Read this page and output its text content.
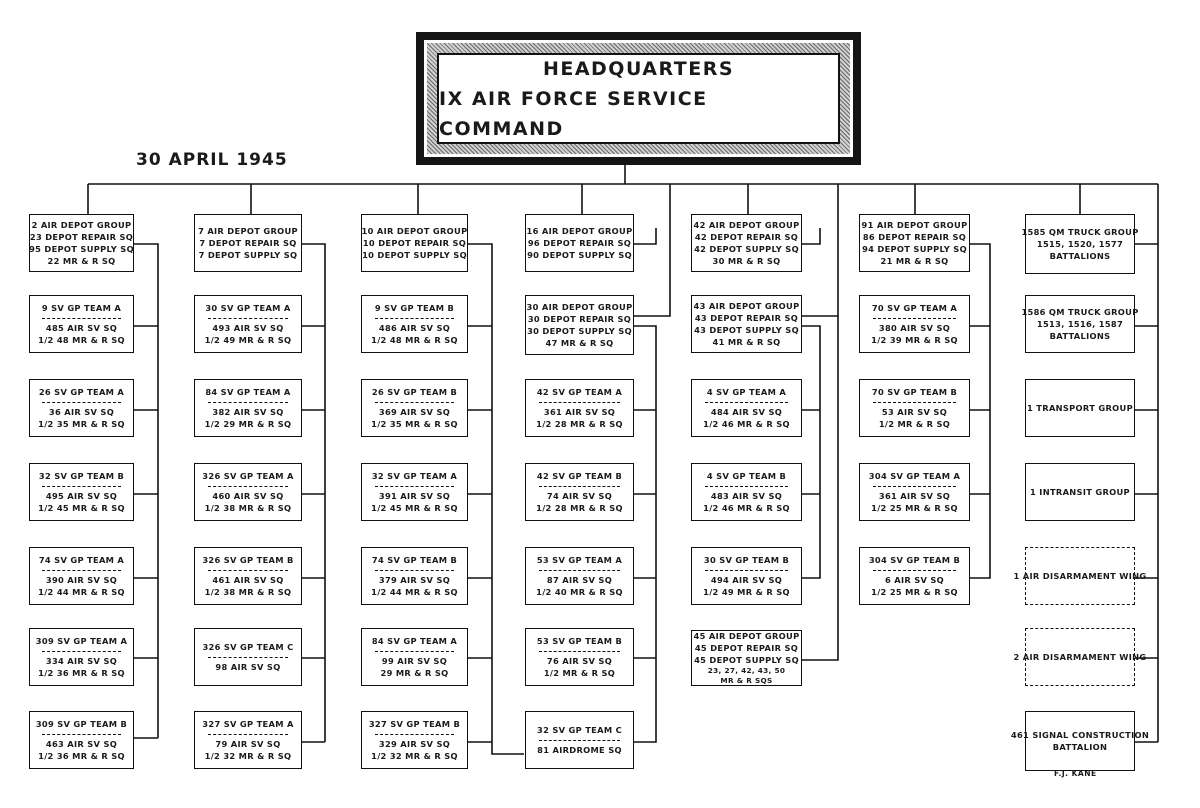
HEADQUARTERS
IX AIR FORCE SERVICE COMMAND
30 APRIL 1945
2 AIR DEPOT GROUP
23 DEPOT REPAIR SQ
95 DEPOT SUPPLY SQ
22 MR & R SQ
9 SV GP TEAM A
485 AIR SV SQ
1/2 48 MR & R SQ
26 SV GP TEAM A
36 AIR SV SQ
1/2 35 MR & R SQ
32 SV GP TEAM B
495 AIR SV SQ
1/2 45 MR & R SQ
74 SV GP TEAM A
390 AIR SV SQ
1/2 44 MR & R SQ
309 SV GP TEAM A
334 AIR SV SQ
1/2 36 MR & R SQ
309 SV GP TEAM B
463 AIR SV SQ
1/2 36 MR & R SQ
7 AIR DEPOT GROUP
7 DEPOT REPAIR SQ
7 DEPOT SUPPLY SQ
30 SV GP TEAM A
493 AIR SV SQ
1/2 49 MR & R SQ
84 SV GP TEAM A
382 AIR SV SQ
1/2 29 MR & R SQ
326 SV GP TEAM A
460 AIR SV SQ
1/2 38 MR & R SQ
326 SV GP TEAM B
461 AIR SV SQ
1/2 38 MR & R SQ
326 SV GP TEAM C
98 AIR SV SQ
327 SV GP TEAM A
79 AIR SV SQ
1/2 32 MR & R SQ
10 AIR DEPOT GROUP
10 DEPOT REPAIR SQ
10 DEPOT SUPPLY SQ
9 SV GP TEAM B
486 AIR SV SQ
1/2 48 MR & R SQ
26 SV GP TEAM B
369 AIR SV SQ
1/2 35 MR & R SQ
32 SV GP TEAM A
391 AIR SV SQ
1/2 45 MR & R SQ
74 SV GP TEAM B
379 AIR SV SQ
1/2 44 MR & R SQ
84 SV GP TEAM A
99 AIR SV SQ
29 MR & R SQ
327 SV GP TEAM B
329 AIR SV SQ
1/2 32 MR & R SQ
16 AIR DEPOT GROUP
96 DEPOT REPAIR SQ
90 DEPOT SUPPLY SQ
30 AIR DEPOT GROUP
30 DEPOT REPAIR SQ
30 DEPOT SUPPLY SQ
47 MR & R SQ
42 SV GP TEAM A
361 AIR SV SQ
1/2 28 MR & R SQ
42 SV GP TEAM B
74 AIR SV SQ
1/2 28 MR & R SQ
53 SV GP TEAM A
87 AIR SV SQ
1/2 40 MR & R SQ
53 SV GP TEAM B
76 AIR SV SQ
1/2 MR & R SQ
32 SV GP TEAM C
81 AIRDROME SQ
42 AIR DEPOT GROUP
42 DEPOT REPAIR SQ
42 DEPOT SUPPLY SQ
30 MR & R SQ
43 AIR DEPOT GROUP
43 DEPOT REPAIR SQ
43 DEPOT SUPPLY SQ
41 MR & R SQ
4 SV GP TEAM A
484 AIR SV SQ
1/2 46 MR & R SQ
4 SV GP TEAM B
483 AIR SV SQ
1/2 46 MR & R SQ
30 SV GP TEAM B
494 AIR SV SQ
1/2 49 MR & R SQ
45 AIR DEPOT GROUP
45 DEPOT REPAIR SQ
45 DEPOT SUPPLY SQ
23, 27, 42, 43, 50
MR & R SQS
91 AIR DEPOT GROUP
86 DEPOT REPAIR SQ
94 DEPOT SUPPLY SQ
21 MR & R SQ
70 SV GP TEAM A
380 AIR SV SQ
1/2 39 MR & R SQ
70 SV GP TEAM B
53 AIR SV SQ
1/2 MR & R SQ
304 SV GP TEAM A
361 AIR SV SQ
1/2 25 MR & R SQ
304 SV GP TEAM B
6 AIR SV SQ
1/2 25 MR & R SQ
1585 QM TRUCK GROUP
1515, 1520, 1577
BATTALIONS
1586 QM TRUCK GROUP
1513, 1516, 1587
BATTALIONS
1 TRANSPORT GROUP
1 INTRANSIT GROUP
1 AIR DISARMAMENT WING
2 AIR DISARMAMENT WING
461 SIGNAL CONSTRUCTION
BATTALION
F.J. KANE
